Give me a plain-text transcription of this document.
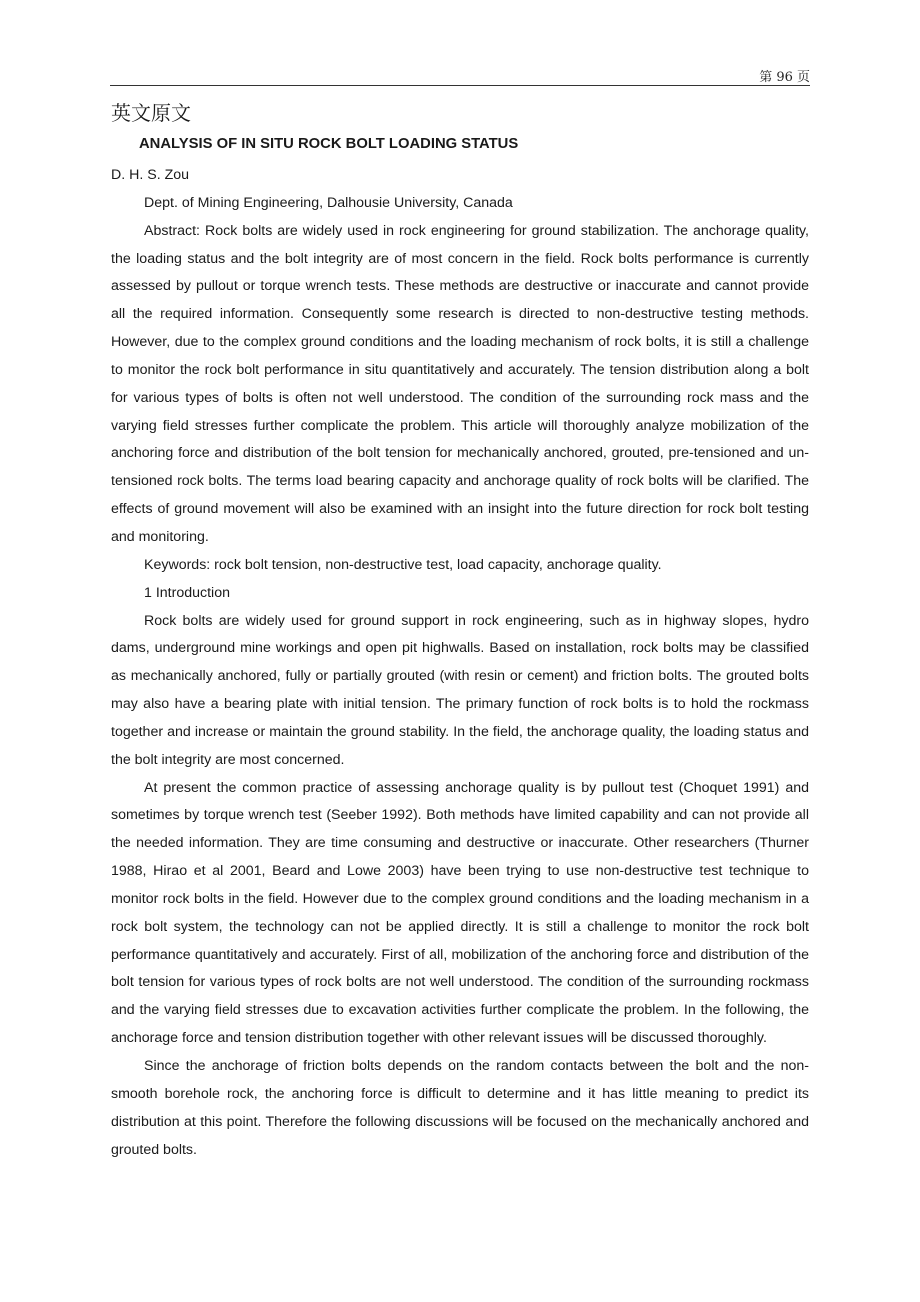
第 96 页
英文原文
ANALYSIS OF IN SITU ROCK BOLT LOADING STATUS

D. H. S. Zou

Dept. of Mining Engineering, Dalhousie University, Canada

Abstract: Rock bolts are widely used in rock engineering for ground stabilization. The anchorage quality, the loading status and the bolt integrity are of most concern in the field. Rock bolts performance is currently assessed by pullout or torque wrench tests. These methods are destructive or inaccurate and cannot provide all the required information. Consequently some research is directed to non-destructive testing methods. However, due to the complex ground conditions and the loading mechanism of rock bolts, it is still a challenge to monitor the rock bolt performance in situ quantitatively and accurately. The tension distribution along a bolt for various types of bolts is often not well understood. The condition of the surrounding rock mass and the varying field stresses further complicate the problem. This article will thoroughly analyze mobilization of the anchoring force and distribution of the bolt tension for mechanically anchored, grouted, pre-tensioned and un-tensioned rock bolts. The terms load bearing capacity and anchorage quality of rock bolts will be clarified. The effects of ground movement will also be examined with an insight into the future direction for rock bolt testing and monitoring.

Keywords: rock bolt tension, non-destructive test, load capacity, anchorage quality.

1 Introduction

Rock bolts are widely used for ground support in rock engineering, such as in highway slopes, hydro dams, underground mine workings and open pit highwalls. Based on installation, rock bolts may be classified as mechanically anchored, fully or partially grouted (with resin or cement) and friction bolts. The grouted bolts may also have a bearing plate with initial tension. The primary function of rock bolts is to hold the rockmass together and increase or maintain the ground stability. In the field, the anchorage quality, the loading status and the bolt integrity are most concerned.

At present the common practice of assessing anchorage quality is by pullout test (Choquet 1991) and sometimes by torque wrench test (Seeber 1992). Both methods have limited capability and can not provide all the needed information. They are time consuming and destructive or inaccurate. Other researchers (Thurner 1988, Hirao et al 2001, Beard and Lowe 2003) have been trying to use non-destructive test technique to monitor rock bolts in the field. However due to the complex ground conditions and the loading mechanism in a rock bolt system, the technology can not be applied directly. It is still a challenge to monitor the rock bolt performance quantitatively and accurately. First of all, mobilization of the anchoring force and distribution of the bolt tension for various types of rock bolts are not well understood. The condition of the surrounding rockmass and the varying field stresses due to excavation activities further complicate the problem. In the following, the anchorage force and tension distribution together with other relevant issues will be discussed thoroughly.

Since the anchorage of friction bolts depends on the random contacts between the bolt and the non-smooth borehole rock, the anchoring force is difficult to determine and it has little meaning to predict its distribution at this point. Therefore the following discussions will be focused on the mechanically anchored and grouted bolts.
